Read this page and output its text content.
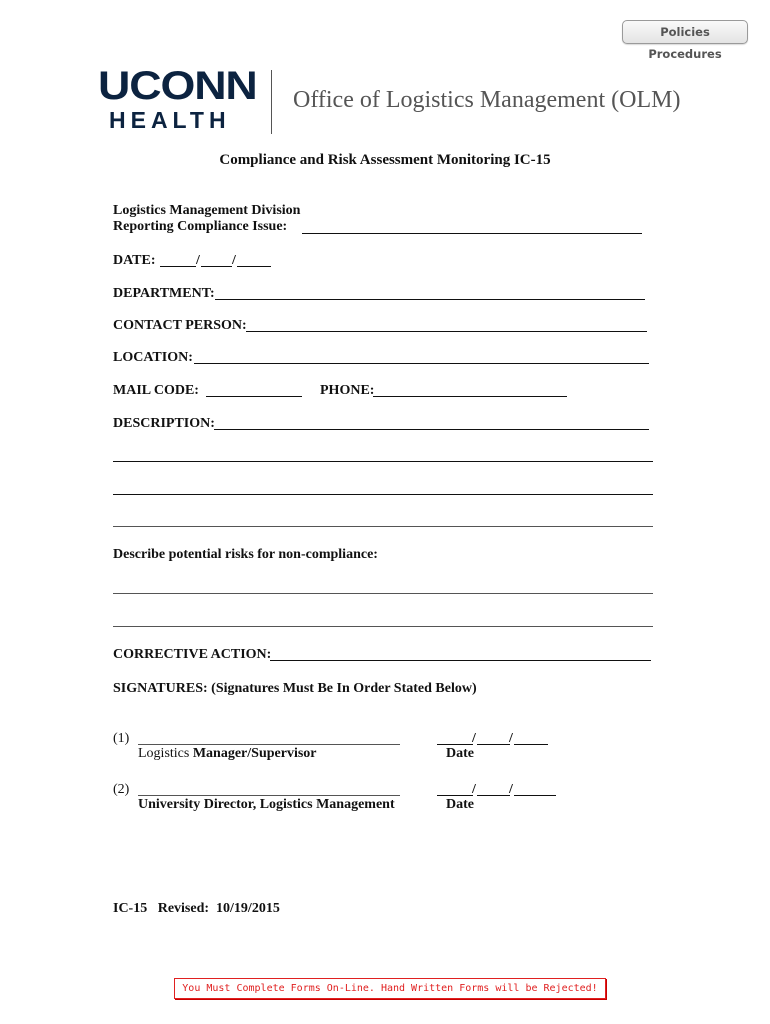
Policies Procedures
UCONN
HEALTH
Office of Logistics Management (OLM)
Compliance and Risk Assessment Monitoring IC-15
Logistics Management Division
Reporting Compliance Issue:
DATE:	/ /
DEPARTMENT:
CONTACT PERSON:
LOCATION:
MAIL CODE:	PHONE:
DESCRIPTION:
Describe potential risks for non-compliance:
CORRECTIVE ACTION:
SIGNATURES: (Signatures Must Be In Order Stated Below)
(1)
Logistics Manager/Supervisor
/ /
Date
(2)
University Director, Logistics Management
/ /
Date
IC-15   Revised:  10/19/2015
You Must Complete Forms On-Line. Hand Written Forms will be Rejected!
